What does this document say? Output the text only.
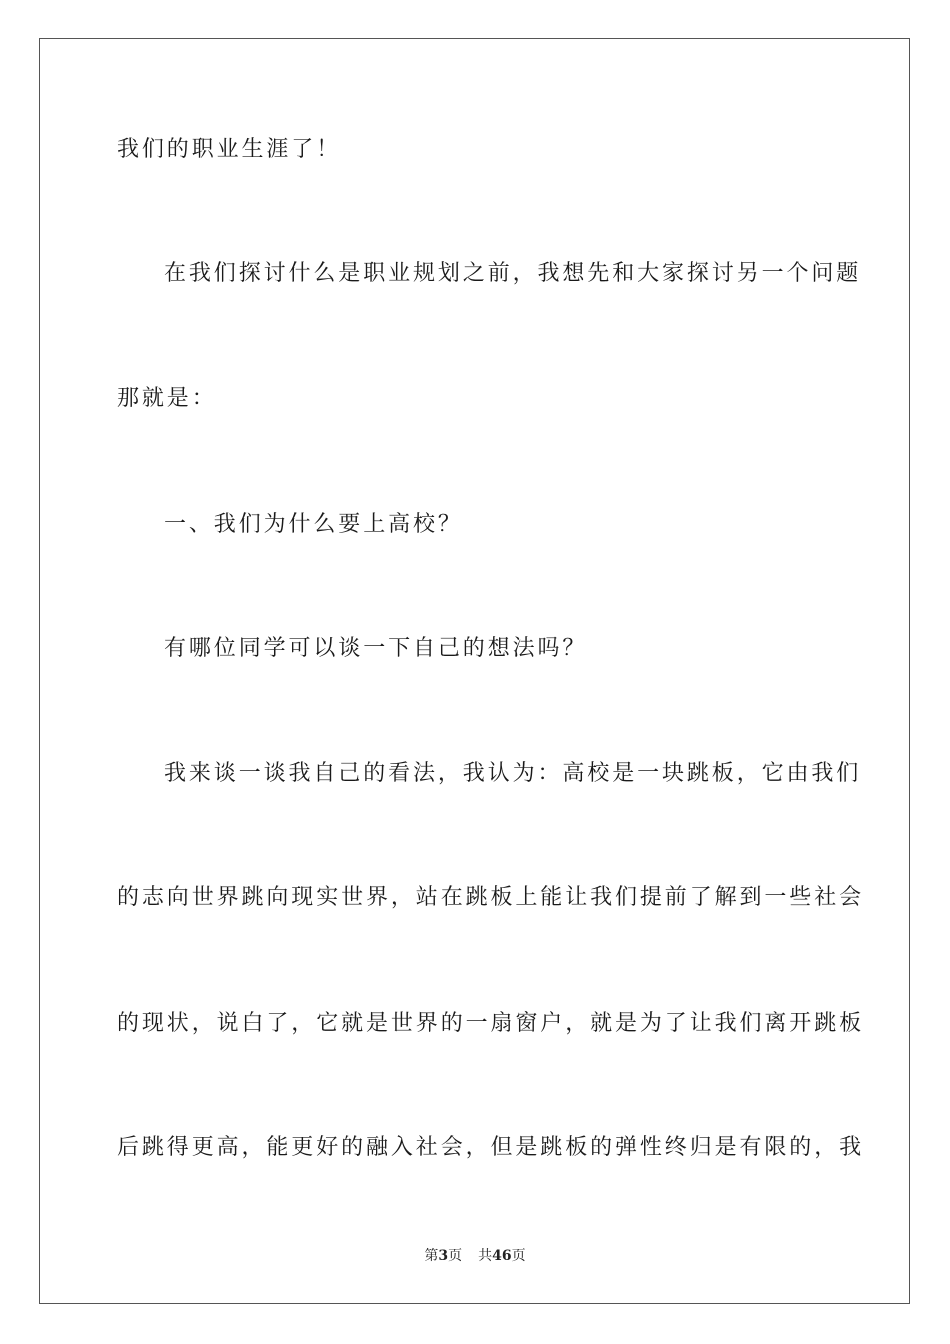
我们的职业生涯了！
在我们探讨什么是职业规划之前，我想先和大家探讨另一个问题
那就是：
一、我们为什么要上高校？
有哪位同学可以谈一下自己的想法吗？
我来谈一谈我自己的看法，我认为：高校是一块跳板，它由我们
的志向世界跳向现实世界，站在跳板上能让我们提前了解到一些社会
的现状，说白了，它就是世界的一扇窗户，就是为了让我们离开跳板
后跳得更高，能更好的融入社会，但是跳板的弹性终归是有限的，我
第3页 共46页
